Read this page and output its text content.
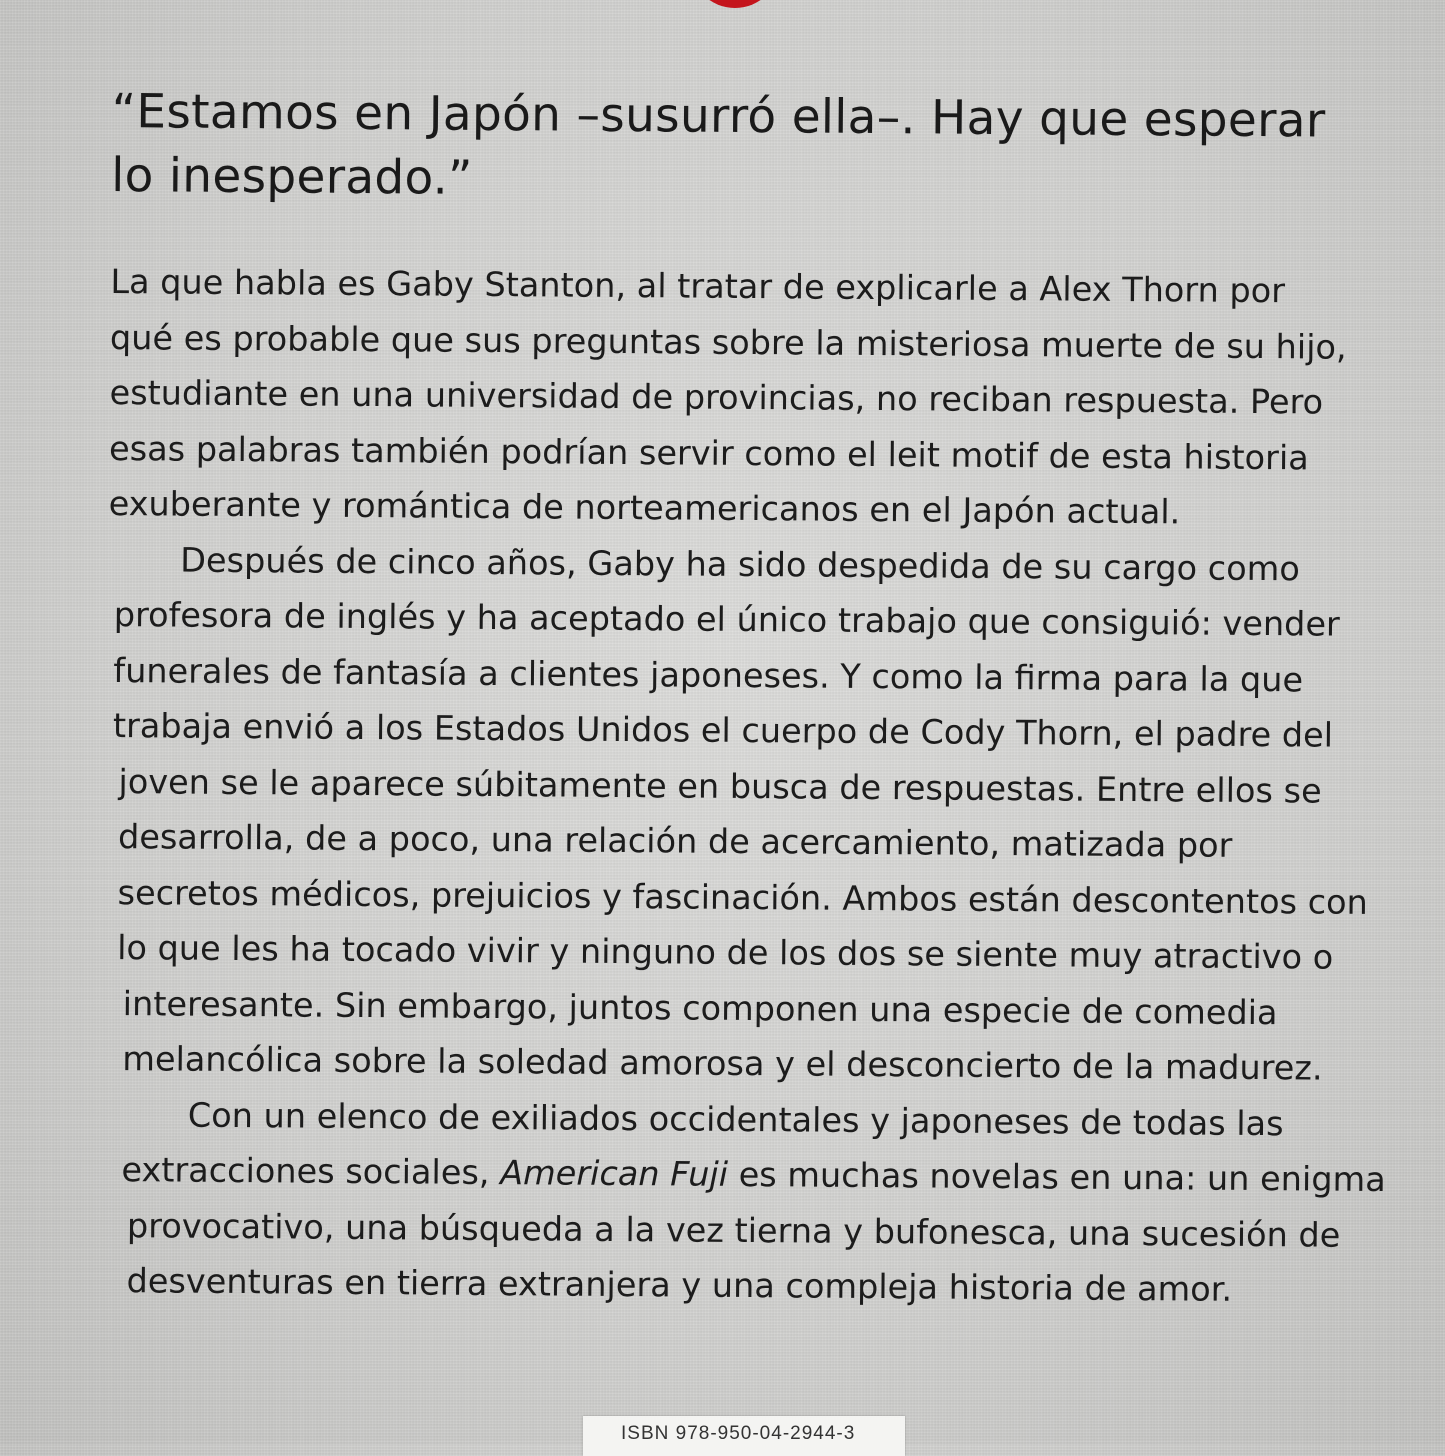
“Estamos en Japón –susurró ella–. Hay que esperar
lo inesperado.”

La que habla es Gaby Stanton, al tratar de explicarle a Alex Thorn por
qué es probable que sus preguntas sobre la misteriosa muerte de su hijo,
estudiante en una universidad de provincias, no reciban respuesta. Pero
esas palabras también podrían servir como el leit motif de esta historia
exuberante y romántica de norteamericanos en el Japón actual.
Después de cinco años, Gaby ha sido despedida de su cargo como
profesora de inglés y ha aceptado el único trabajo que consiguió: vender
funerales de fantasía a clientes japoneses. Y como la firma para la que
trabaja envió a los Estados Unidos el cuerpo de Cody Thorn, el padre del
joven se le aparece súbitamente en busca de respuestas. Entre ellos se
desarrolla, de a poco, una relación de acercamiento, matizada por
secretos médicos, prejuicios y fascinación. Ambos están descontentos con
lo que les ha tocado vivir y ninguno de los dos se siente muy atractivo o
interesante. Sin embargo, juntos componen una especie de comedia
melancólica sobre la soledad amorosa y el desconcierto de la madurez.
Con un elenco de exiliados occidentales y japoneses de todas las
extracciones sociales, American Fuji es muchas novelas en una: un enigma
provocativo, una búsqueda a la vez tierna y bufonesca, una sucesión de
desventuras en tierra extranjera y una compleja historia de amor.
ISBN 978-950-04-2944-3
